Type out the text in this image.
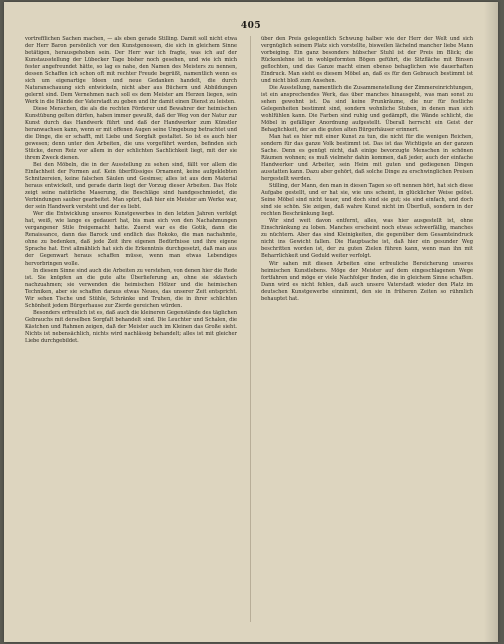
405

vortrefflichen Sachen machen, — als eben gerade Stilling. Damit soll nicht etwa der Herr Baron persönlich vor den Kunstgenossen, die sich in gleichem Sinne betätigen, herausgehoben sein. Der Herr war ich fragte, was ich auf der Kunstausstellung der Lübecker Tage bisher noch gesehen, und wie ich mich fester angefreundet hätte, so lag es nahe, den Namen des Meisters zu nennen, dessen Schaffen ich schon oft mit rechter Freude begrüßt, namentlich wenn es sich um eigenartige Ideen und neue Gedanken handelt, die durch Naturanschauung sich entwickeln, nicht aber aus Büchern und Abbildungen gelernt sind. Dem Vernehmen nach soll es dem Meister am Herzen liegen, sein Werk in die Hände der Vaterstadt zu geben und ihr damit einen Dienst zu leisten.

Diese Menschen, die als die rechten Förderer und Bewahrer der heimischen Kunstübung gelten dürfen, haben immer gewußt, daß der Weg von der Natur zur Kunst durch das Handwerk führt und daß der Handwerker zum Künstler heranwachsen kann, wenn er mit offenen Augen seine Umgebung betrachtet und die Dinge, die er schafft, mit Liebe und Sorgfalt gestaltet. So ist es auch hier gewesen; denn unter den Arbeiten, die uns vorgeführt werden, befinden sich Stücke, deren Reiz vor allem in der schlichten Sachlichkeit liegt, mit der sie ihrem Zweck dienen.

Bei den Möbeln, die in der Ausstellung zu sehen sind, fällt vor allem die Einfachheit der Formen auf. Kein überflüssiges Ornament, keine aufgeklebten Schnitzereien, keine falschen Säulen und Gesimse; alles ist aus dem Material heraus entwickelt, und gerade darin liegt der Vorzug dieser Arbeiten. Das Holz zeigt seine natürliche Maserung, die Beschläge sind handgeschmiedet, die Verbindungen sauber gearbeitet. Man spürt, daß hier ein Meister am Werke war, der sein Handwerk versteht und der es liebt.

Wer die Entwicklung unseres Kunstgewerbes in den letzten Jahren verfolgt hat, weiß, wie lange es gedauert hat, bis man sich von den Nachahmungen vergangener Stile freigemacht hatte. Zuerst war es die Gotik, dann die Renaissance, dann das Barock und endlich das Rokoko, die man nachahmte, ohne zu bedenken, daß jede Zeit ihre eigenen Bedürfnisse und ihre eigene Sprache hat. Erst allmählich hat sich die Erkenntnis durchgesetzt, daß man aus der Gegenwart heraus schaffen müsse, wenn man etwas Lebendiges hervorbringen wolle.

In diesem Sinne sind auch die Arbeiten zu verstehen, von denen hier die Rede ist. Sie knüpfen an die gute alte Überlieferung an, ohne sie sklavisch nachzuahmen; sie verwenden die heimischen Hölzer und die heimischen Techniken, aber sie schaffen daraus etwas Neues, das unserer Zeit entspricht. Wir sehen Tische und Stühle, Schränke und Truhen, die in ihrer schlichten Schönheit jedem Bürgerhause zur Zierde gereichen würden.

Besonders erfreulich ist es, daß auch die kleineren Gegenstände des täglichen Gebrauchs mit derselben Sorgfalt behandelt sind. Die Leuchter und Schalen, die Kästchen und Rahmen zeigen, daß der Meister auch im Kleinen das Große sieht. Nichts ist nebensächlich, nichts wird nachlässig behandelt; alles ist mit gleicher Liebe durchgebildet.

über den Preis gelegentlich Schwung halber wie der Herr der Welt und sich vergnüglich seinem Platz sich vorstellte, bisweilen lächelnd mancher liebe Mann vorbeiging. Ein ganz besonders hübscher Stuhl ist der Preis im Blick; die Rückenlehne ist in wohlgeformten Bögen geführt, die Sitzfläche mit Binsen geflochten, und das Ganze macht einen ebenso behaglichen wie dauerhaften Eindruck. Man sieht es diesem Möbel an, daß es für den Gebrauch bestimmt ist und nicht bloß zum Ansehen.

Die Ausstellung, namentlich die Zusammenstellung der Zimmereinrichtungen, ist ein ansprechendes Werk, das über manches hinausgeht, was man sonst zu sehen gewohnt ist. Da sind keine Prunkräume, die nur für festliche Gelegenheiten bestimmt sind, sondern wohnliche Stuben, in denen man sich wohlfühlen kann. Die Farben sind ruhig und gedämpft, die Wände schlicht, die Möbel in gefälliger Anordnung aufgestellt. Überall herrscht ein Geist der Behaglichkeit, der an die guten alten Bürgerhäuser erinnert.

Man hat es hier mit einer Kunst zu tun, die nicht für die wenigen Reichen, sondern für das ganze Volk bestimmt ist. Das ist das Wichtigste an der ganzen Sache. Denn es genügt nicht, daß einige bevorzugte Menschen in schönen Räumen wohnen; es muß vielmehr dahin kommen, daß jeder, auch der einfache Handwerker und Arbeiter, sein Heim mit guten und gediegenen Dingen ausstatten kann. Dazu aber gehört, daß solche Dinge zu erschwinglichen Preisen hergestellt werden.

Stilling, der Mann, den man in diesen Tagen so oft nennen hört, hat sich diese Aufgabe gestellt, und er hat sie, wie uns scheint, in glücklicher Weise gelöst. Seine Möbel sind nicht teuer, und doch sind sie gut; sie sind einfach, und doch sind sie schön. Sie zeigen, daß wahre Kunst nicht im Überfluß, sondern in der rechten Beschränkung liegt.

Wir sind weit davon entfernt, alles, was hier ausgestellt ist, ohne Einschränkung zu loben. Manches erscheint noch etwas schwerfällig, manches zu nüchtern. Aber das sind Kleinigkeiten, die gegenüber dem Gesamteindruck nicht ins Gewicht fallen. Die Hauptsache ist, daß hier ein gesunder Weg beschritten worden ist, der zu guten Zielen führen kann, wenn man ihn mit Beharrlichkeit und Geduld weiter verfolgt.

Wir sahen mit diesen Arbeiten eine erfreuliche Bereicherung unseres heimischen Kunstlebens. Möge der Meister auf dem eingeschlagenen Wege fortfahren und möge er viele Nachfolger finden, die in gleichem Sinne schaffen. Dann wird es nicht fehlen, daß auch unsere Vaterstadt wieder den Platz im deutschen Kunstgewerbe einnimmt, den sie in früheren Zeiten so rühmlich behauptet hat.
